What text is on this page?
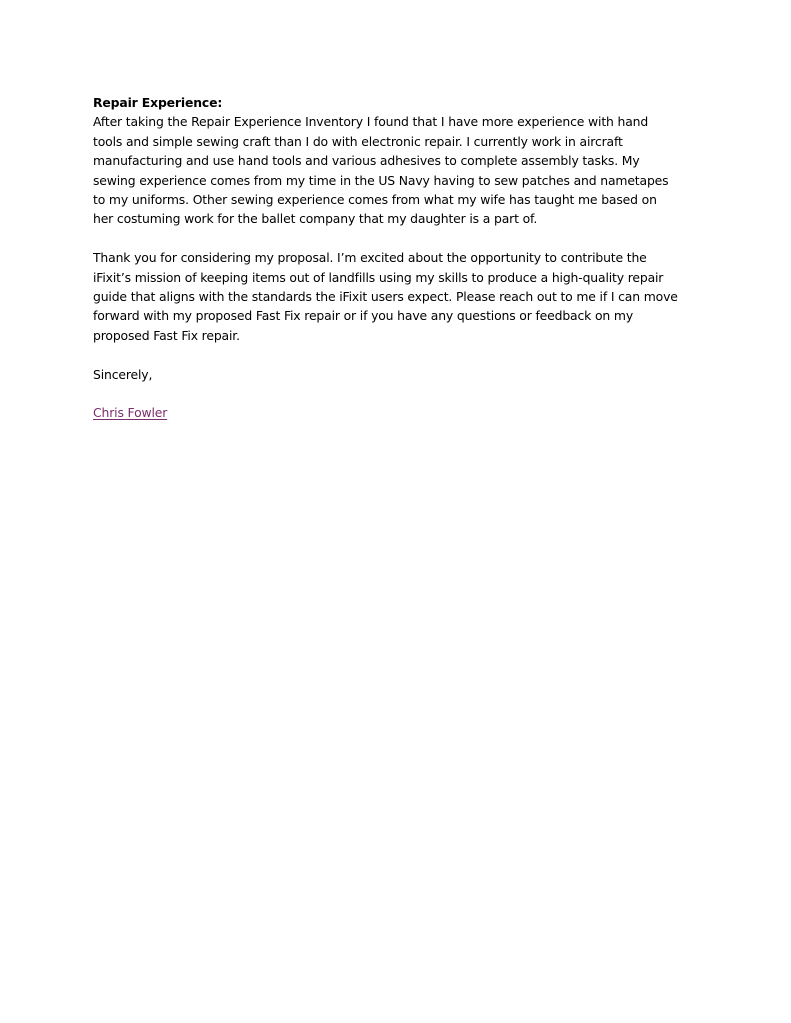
Repair Experience:
After taking the Repair Experience Inventory I found that I have more experience with hand
tools and simple sewing craft than I do with electronic repair. I currently work in aircraft
manufacturing and use hand tools and various adhesives to complete assembly tasks. My
sewing experience comes from my time in the US Navy having to sew patches and nametapes
to my uniforms. Other sewing experience comes from what my wife has taught me based on
her costuming work for the ballet company that my daughter is a part of.
Thank you for considering my proposal. I’m excited about the opportunity to contribute the
iFixit’s mission of keeping items out of landfills using my skills to produce a high-quality repair
guide that aligns with the standards the iFixit users expect. Please reach out to me if I can move
forward with my proposed Fast Fix repair or if you have any questions or feedback on my
proposed Fast Fix repair.
Sincerely,
Chris Fowler
